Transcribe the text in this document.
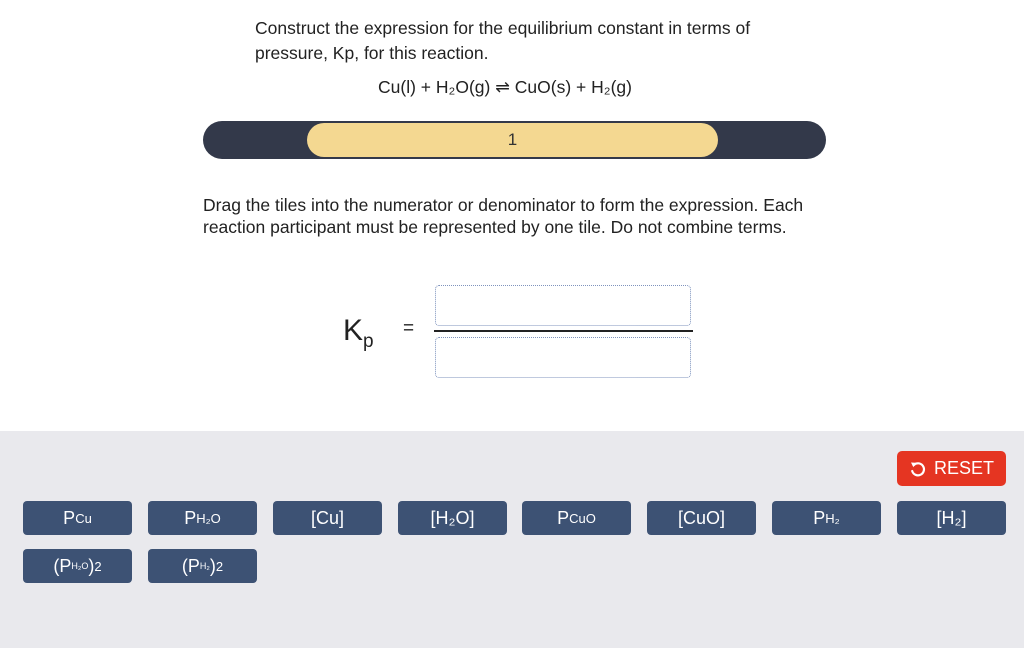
Construct the expression for the equilibrium constant in terms of pressure, Kp, for this reaction.
Cu(l) + H₂O(g) ⇌ CuO(s) + H₂(g)
1
Drag the tiles into the numerator or denominator to form the expression. Each reaction participant must be represented by one tile. Do not combine terms.
$K_p$
=
RESET
P Cu	P H₂O	[Cu]	[H₂O]	P CuO	[CuO]	P H₂	[H₂]
(P H₂O ) 2	(P H₂ ) 2
